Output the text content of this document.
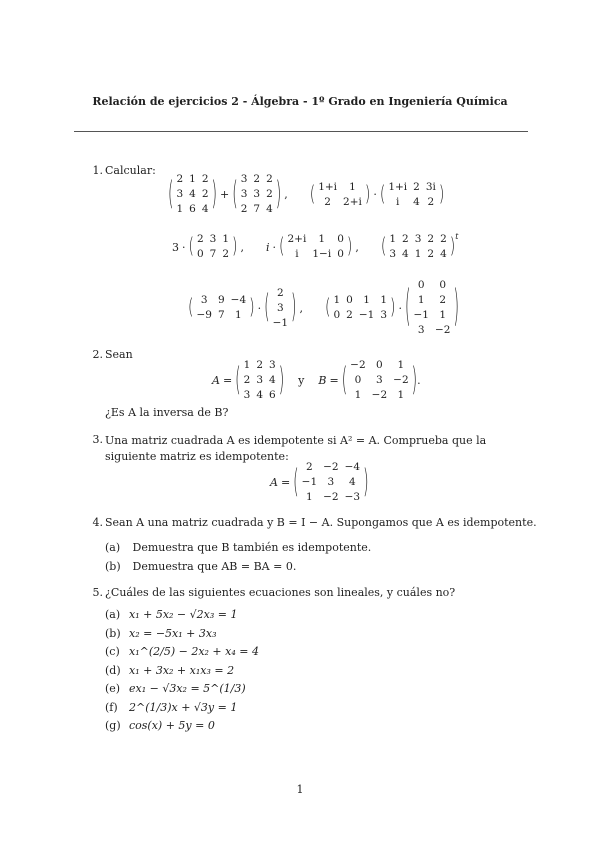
Relación de ejercicios 2 - Álgebra - 1º Grado en Ingeniería Química
1. Calcular:
( 2	1	2
3	4	2
1	6	4 ) + ( 3	2	2
3	3	2
2	7	4 ) ,	( 1+i	1
2	2+i ) · ( 1+i	2	3i
i	4	2 )
3 · ( 2	3	1
0	7	2 ) ,	i · ( 2+i	1	0
i	1−i	0 ) ,	( 1	2	3	2	2
3	4	1	2	4 ) t
( 3	9	−4
−9	7	1 ) · ( 2
3
−1 ) ,	( 1	0	1	1
0	2	−1	3 ) · ( 0	0
1	2
−1	1
3	−2 )
2. Sean
A = ( 1	2	3
2	3	4
3	4	6 )	y	B = ( −2	0	1
0	3	−2
1	−2	1 ) .
¿Es A la inversa de B?
3. Una matriz cuadrada A es idempotente si A² = A. Comprueba que la siguiente matriz es idempotente:
A = ( 2	−2	−4
−1	3	4
1	−2	−3 )
4. Sean A una matriz cuadrada y B = I − A. Supongamos que A es idempotente.
(a) Demuestra que B también es idempotente.
(b) Demuestra que AB = BA = 0.
5. ¿Cuáles de las siguientes ecuaciones son lineales, y cuáles no?
(a) x₁ + 5x₂ − √2x₃ = 1
(b) x₂ = −5x₁ + 3x₃
(c) x₁^(2/5) − 2x₂ + x₄ = 4
(d) x₁ + 3x₂ + x₁x₃ = 2
(e) ex₁ − √3x₂ = 5^(1/3)
(f) 2^(1/3)x + √3y = 1
(g) cos(x) + 5y = 0
1
